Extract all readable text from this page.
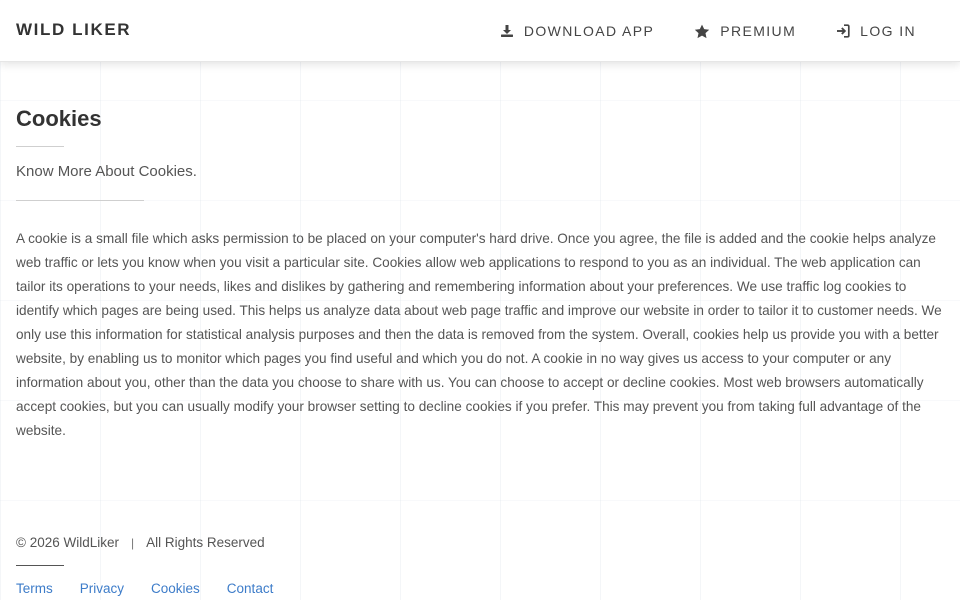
WILD LIKER	DOWNLOAD APP	PREMIUM	LOG IN
Cookies

Know More About Cookies.

A cookie is a small file which asks permission to be placed on your computer's hard drive. Once you agree, the file is added and the cookie helps analyze web traffic or lets you know when you visit a particular site. Cookies allow web applications to respond to you as an individual. The web application can tailor its operations to your needs, likes and dislikes by gathering and remembering information about your preferences. We use traffic log cookies to identify which pages are being used. This helps us analyze data about web page traffic and improve our website in order to tailor it to customer needs. We only use this information for statistical analysis purposes and then the data is removed from the system. Overall, cookies help us provide you with a better website, by enabling us to monitor which pages you find useful and which you do not. A cookie in no way gives us access to your computer or any information about you, other than the data you choose to share with us. You can choose to accept or decline cookies. Most web browsers automatically accept cookies, but you can usually modify your browser setting to decline cookies if you prefer. This may prevent you from taking full advantage of the website.

© 2026 WildLiker | All Rights Reserved
Terms Privacy Cookies Contact
